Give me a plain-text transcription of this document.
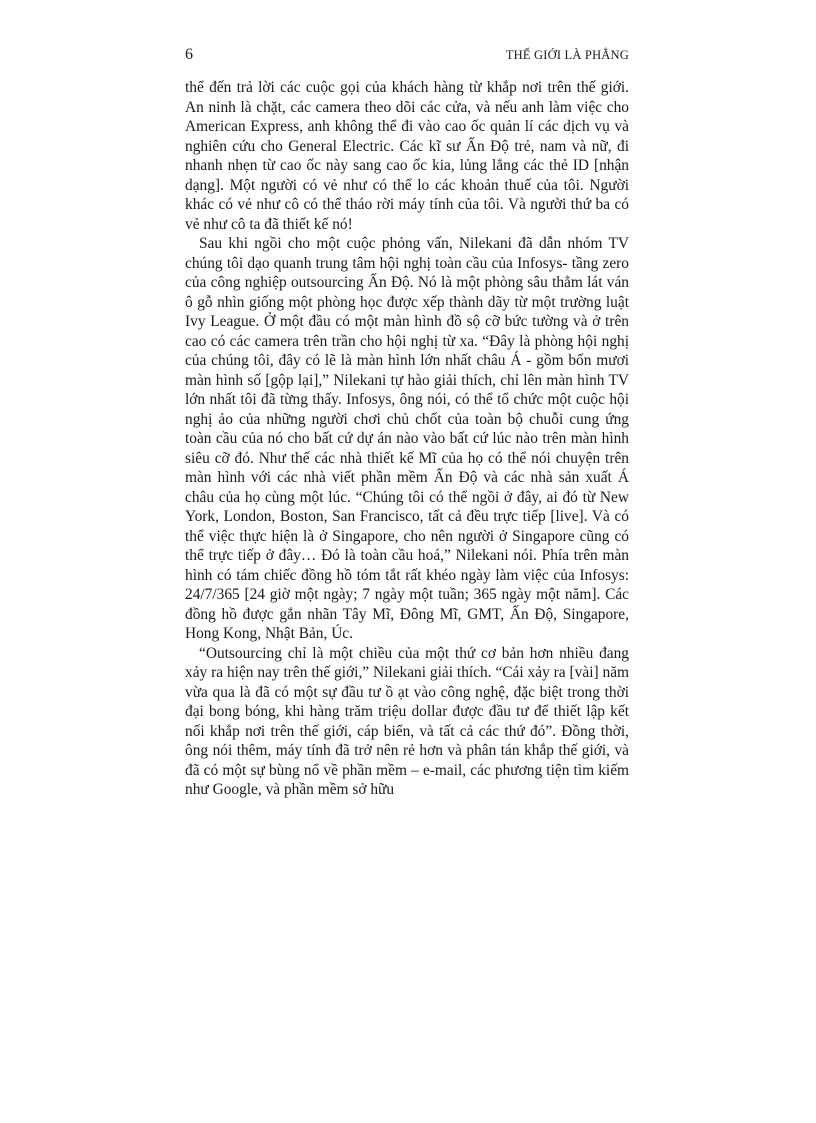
6	THẾ GIỚI LÀ PHẲNG

thể đến trả lời các cuộc gọi của khách hàng từ khắp nơi trên thế giới. An ninh là chặt, các camera theo dõi các cửa, và nếu anh làm việc cho American Express, anh không thể đi vào cao ốc quản lí các dịch vụ và nghiên cứu cho General Electric. Các kĩ sư Ấn Độ trẻ, nam và nữ, đi nhanh nhẹn từ cao ốc này sang cao ốc kia, lủng lẳng các thẻ ID [nhận dạng]. Một người có vẻ như có thể lo các khoản thuế của tôi. Người khác có vẻ như cô có thể tháo rời máy tính của tôi. Và người thứ ba có vẻ như cô ta đã thiết kế nó!

Sau khi ngồi cho một cuộc phỏng vấn, Nilekani đã dẫn nhóm TV chúng tôi dạo quanh trung tâm hội nghị toàn cầu của Infosys- tầng zero của công nghiệp outsourcing Ấn Độ. Nó là một phòng sâu thẳm lát ván ô gỗ nhìn giống một phòng học được xếp thành dãy từ một trường luật Ivy League. Ở một đầu có một màn hình đồ sộ cỡ bức tường và ở trên cao có các camera trên trần cho hội nghị từ xa. “Đây là phòng hội nghị của chúng tôi, đây có lẽ là màn hình lớn nhất châu Á - gồm bốn mươi màn hình số [gộp lại],” Nilekani tự hào giải thích, chỉ lên màn hình TV lớn nhất tôi đã từng thấy. Infosys, ông nói, có thể tổ chức một cuộc hội nghị ảo của những người chơi chủ chốt của toàn bộ chuỗi cung ứng toàn cầu của nó cho bất cứ dự án nào vào bất cứ lúc nào trên màn hình siêu cỡ đó. Như thế các nhà thiết kế Mĩ của họ có thể nói chuyện trên màn hình với các nhà viết phần mềm Ấn Độ và các nhà sản xuất Á châu của họ cùng một lúc. “Chúng tôi có thể ngồi ở đây, ai đó từ New York, London, Boston, San Francisco, tất cả đều trực tiếp [live]. Và có thể việc thực hiện là ở Singapore, cho nên người ở Singapore cũng có thể trực tiếp ở đây… Đó là toàn cầu hoá,” Nilekani nói. Phía trên màn hình có tám chiếc đồng hồ tóm tắt rất khéo ngày làm việc của Infosys: 24/7/365 [24 giờ một ngày; 7 ngày một tuần; 365 ngày một năm]. Các đồng hồ được gắn nhãn Tây Mĩ, Đông Mĩ, GMT, Ấn Độ, Singapore, Hong Kong, Nhật Bản, Úc.

“Outsourcing chỉ là một chiều của một thứ cơ bản hơn nhiều đang xảy ra hiện nay trên thế giới,” Nilekani giải thích. “Cái xảy ra [vài] năm vừa qua là đã có một sự đầu tư ồ ạt vào công nghệ, đặc biệt trong thời đại bong bóng, khi hàng trăm triệu dollar được đầu tư để thiết lập kết nối khắp nơi trên thế giới, cáp biển, và tất cả các thứ đó”. Đồng thời, ông nói thêm, máy tính đã trở nên rẻ hơn và phân tán khắp thế giới, và đã có một sự bùng nổ về phần mềm – e-mail, các phương tiện tìm kiếm như Google, và phần mềm sở hữu
